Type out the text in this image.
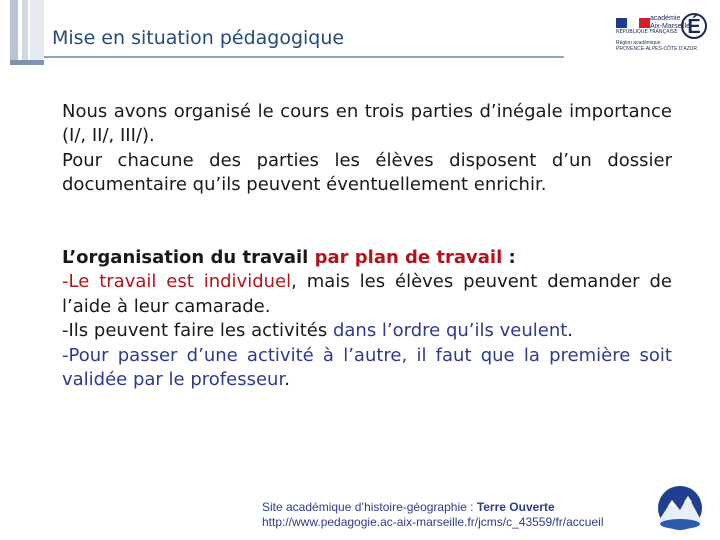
Mise en situation pédagogique	RÉPUBLIQUE FRANÇAISE
académie
Aix-Marseille
É
Région académique
PROVENCE-ALPES-CÔTE D'AZUR
Nous avons organisé le cours en trois parties d’inégale importance (I/, II/, III/).
Pour chacune des parties les élèves disposent d’un dossier documentaire qu’ils peuvent éventuellement enrichir.
L’organisation du travail par plan de travail :
-Le travail est individuel, mais les élèves peuvent demander de l’aide à leur camarade.
-Ils peuvent faire les activités dans l’ordre qu’ils veulent.
-Pour passer d’une activité à l’autre, il faut que la première soit validée par le professeur.
Site académique d’histoire-géographie : Terre Ouverte
http://www.pedagogie.ac-aix-marseille.fr/jcms/c_43559/fr/accueil
